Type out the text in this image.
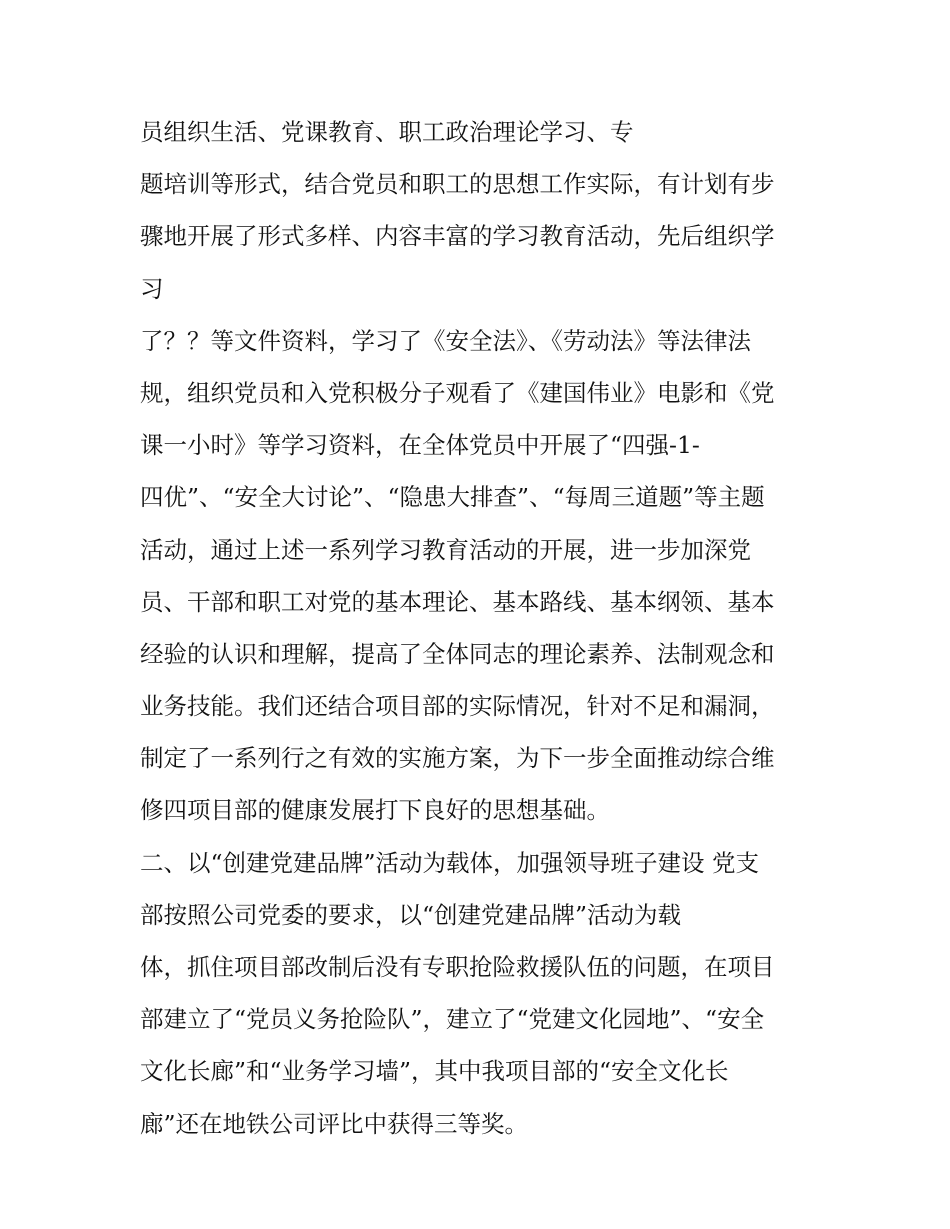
员组织生活、党课教育、职工政治理论学习、专
题培训等形式，结合党员和职工的思想工作实际，有计划有步
骤地开展了形式多样、内容丰富的学习教育活动，先后组织学
习
了？？等文件资料，学习了《安全法》、《劳动法》等法律法
规，组织党员和入党积极分子观看了《建国伟业》电影和《党
课一小时》等学习资料，在全体党员中开展了“四强-1-
四优”、“安全大讨论”、“隐患大排查”、“每周三道题”等主题
活动，通过上述一系列学习教育活动的开展，进一步加深党
员、干部和职工对党的基本理论、基本路线、基本纲领、基本
经验的认识和理解，提高了全体同志的理论素养、法制观念和
业务技能。我们还结合项目部的实际情况，针对不足和漏洞，
制定了一系列行之有效的实施方案，为下一步全面推动综合维
修四项目部的健康发展打下良好的思想基础。
二、以“创建党建品牌”活动为载体，加强领导班子建设 党支
部按照公司党委的要求，以“创建党建品牌”活动为载
体，抓住项目部改制后没有专职抢险救援队伍的问题，在项目
部建立了“党员义务抢险队”，建立了“党建文化园地”、“安全
文化长廊”和“业务学习墙”，其中我项目部的“安全文化长
廊”还在地铁公司评比中获得三等奖。
